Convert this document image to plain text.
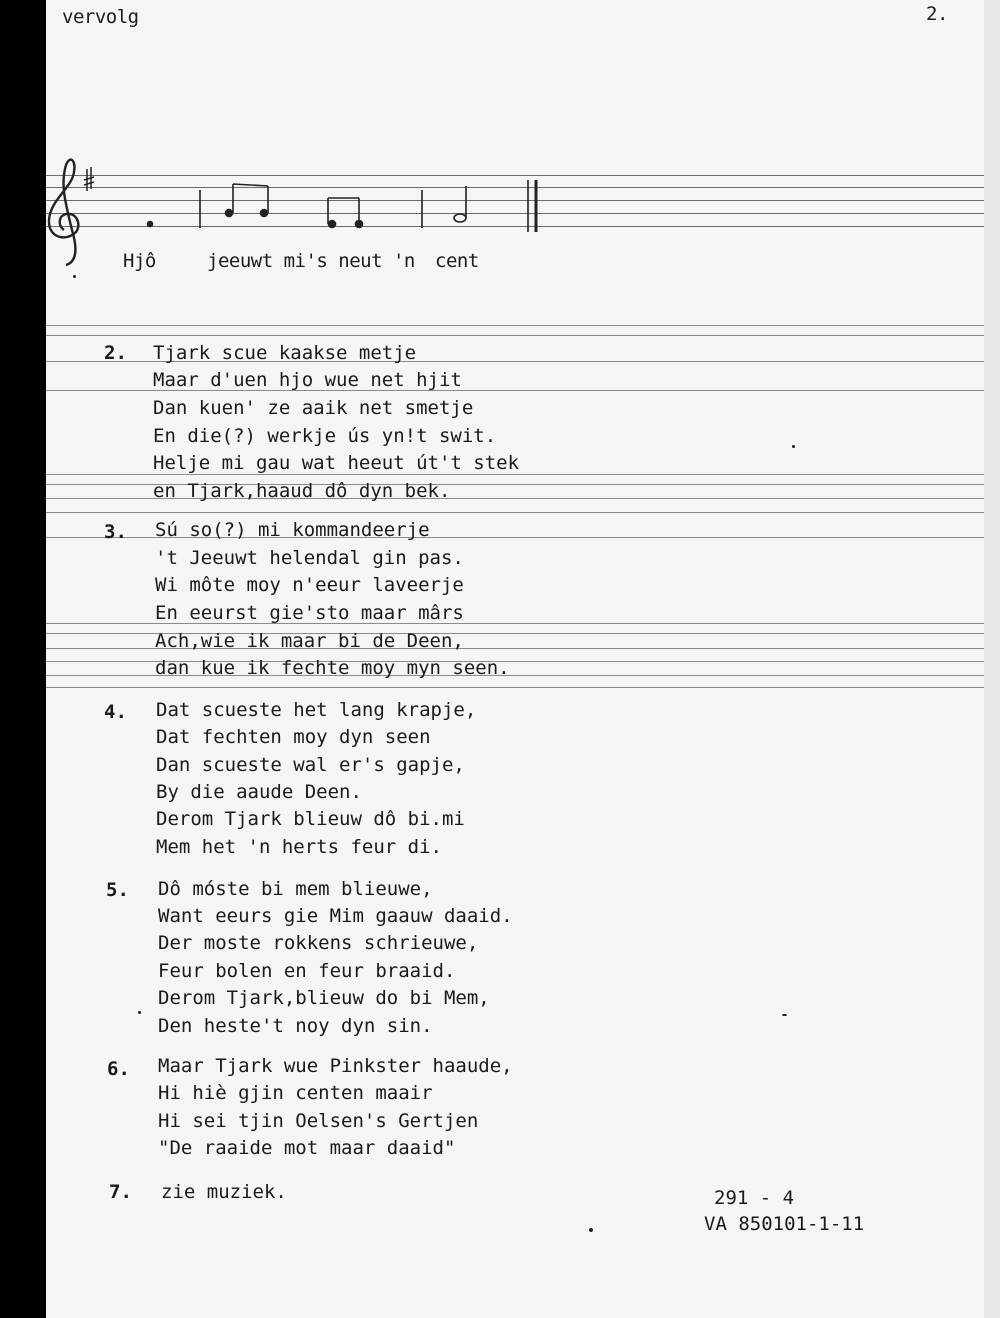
vervolg	2.
Hjô	jeeuwt mi's neut 'n cent
2. Tjark scue kaakse metje
Maar d'uen hjo wue net hjit
Dan kuen' ze aaik net smetje
En die(?) werkje ús yn!t swit.
Helje mi gau wat heeut út't stek
en Tjark,haaud dô dyn bek.
3. Sú so(?) mi kommandeerje
't Jeeuwt helendal gin pas.
Wi môte moy n'eeur laveerje
En eeurst gie'sto maar mârs
Ach,wie ik maar bi de Deen,
dan kue ik fechte moy myn seen.
4. Dat scueste het lang krapje,
Dat fechten moy dyn seen
Dan scueste wal er's gapje,
By die aaude Deen.
Derom Tjark blieuw dô bi.mi
Mem het 'n herts feur di.
5. Dô móste bi mem blieuwe,
Want eeurs gie Mim gaauw daaid.
Der moste rokkens schrieuwe,
Feur bolen en feur braaid.
Derom Tjark,blieuw do bi Mem,
Den heste't noy dyn sin.
6. Maar Tjark wue Pinkster haaude,
Hi hiè gjin centen maair
Hi sei tjin Oelsen's Gertjen
"De raaide mot maar daaid"
7. zie muziek.	291 - 4
VA 850101-1-11
